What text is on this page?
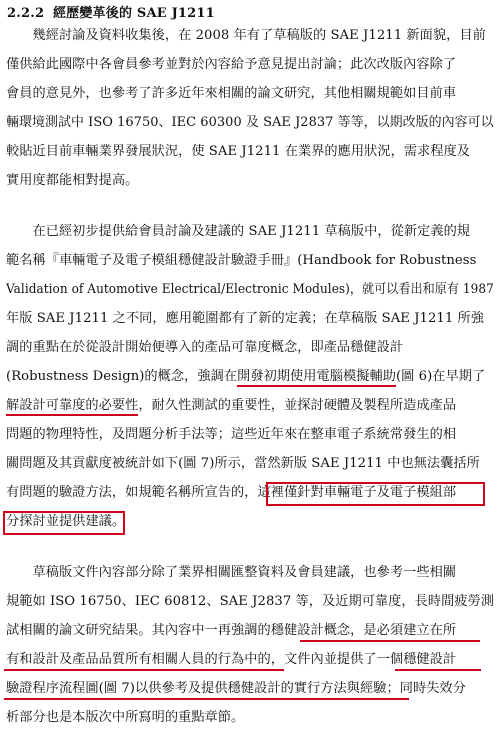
2.2.2 經歷變革後的 SAE J1211
　　幾經討論及資料收集後，在 2008 年有了草稿版的 SAE J1211 新面貌，目前
僅供給此國際中各會員參考並對於內容給予意見提出討論；此次改版內容除了
會員的意見外，也參考了許多近年來相關的論文研究，其他相關規範如目前車
輛環境測試中 ISO 16750、IEC 60300 及 SAE J2837 等等，以期改版的內容可以
較貼近目前車輛業界發展狀況，使 SAE J1211 在業界的應用狀況，需求程度及
實用度都能相對提高。
　　在已經初步提供給會員討論及建議的 SAE J1211 草稿版中，從新定義的規
範名稱『車輛電子及電子模組穩健設計驗證手冊』(Handbook for Robustness
Validation of Automotive Electrical/Electronic Modules)，就可以看出和原有 1987
年版 SAE J1211 之不同，應用範圍都有了新的定義；在草稿版 SAE J1211 所強
調的重點在於從設計開始便導入的產品可靠度概念，即產品穩健設計
(Robustness Design)的概念，強調在開發初期使用電腦模擬輔助(圖 6)在早期了
解設計可靠度的必要性，耐久性測試的重要性，並探討硬體及製程所造成產品
問題的物理特性，及問題分析手法等；這些近年來在整車電子系統常發生的相
關問題及其貢獻度被統計如下(圖 7)所示，當然新版 SAE J1211 中也無法囊括所
有問題的驗證方法，如規範名稱所宣告的，這裡僅針對車輛電子及電子模組部
分探討並提供建議。
　　草稿版文件內容部分除了業界相關匯整資料及會員建議，也參考一些相關
規範如 ISO 16750、IEC 60812、SAE J2837 等，及近期可靠度，長時間疲勞測
試相關的論文研究結果。其內容中一再強調的穩健設計概念，是必須建立在所
有和設計及產品品質所有相關人員的行為中的，文件內並提供了一個穩健設計
驗證程序流程圖(圖 7)以供參考及提供穩健設計的實行方法與經驗；同時失效分
析部分也是本版次中所寫明的重點章節。
